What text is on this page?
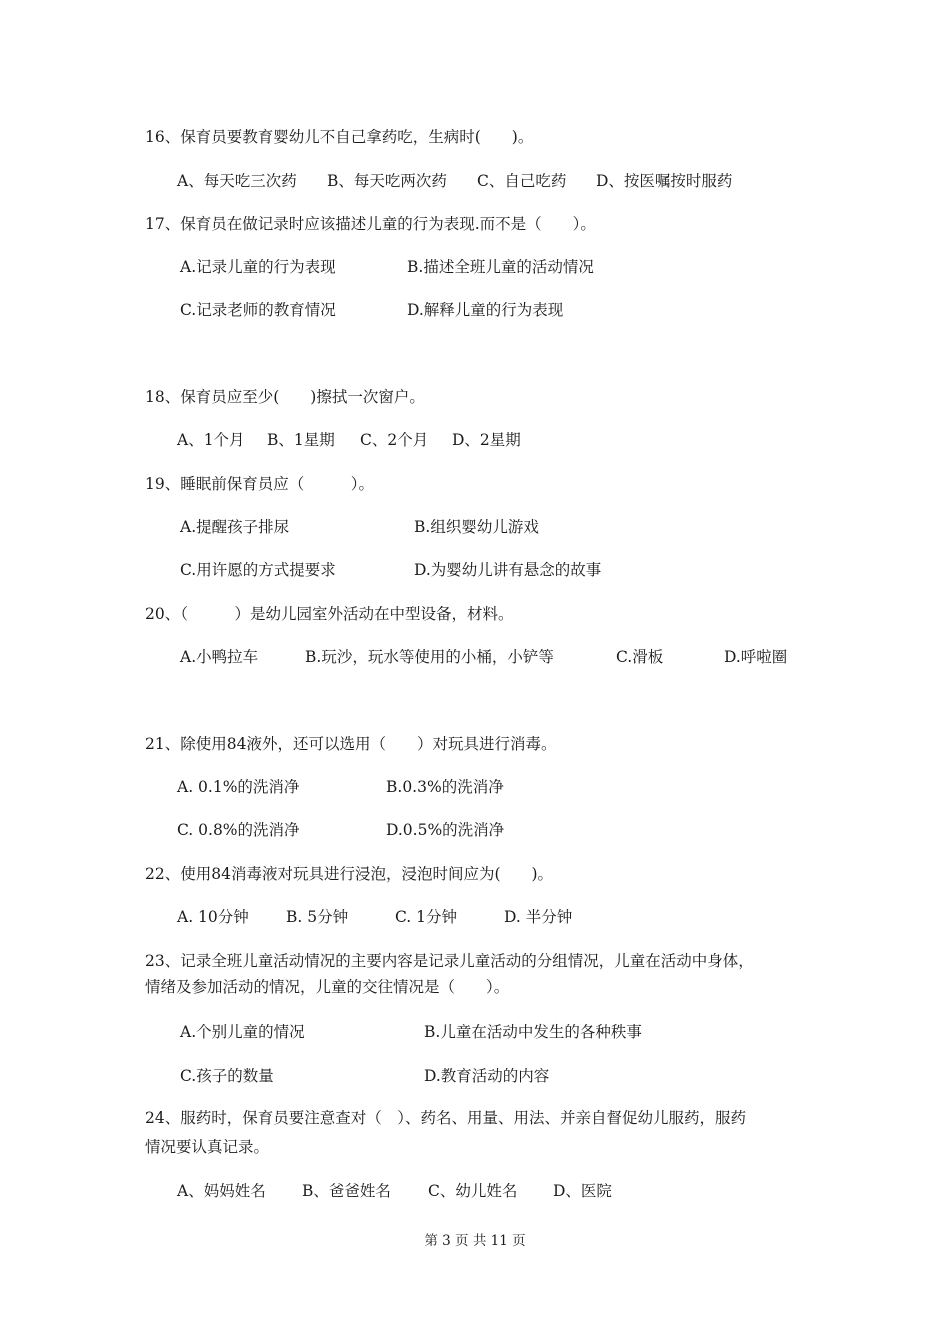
16、保育员要教育婴幼儿不自己拿药吃，生病时(　　)。
A、每天吃三次药 B、每天吃两次药 C、自己吃药 D、按医嘱按时服药
17、保育员在做记录时应该描述儿童的行为表现.而不是（　　）。
A.记录儿童的行为表现	B.描述全班儿童的活动情况
C.记录老师的教育情况	D.解释儿童的行为表现
18、保育员应至少(　　)擦拭一次窗户。
A、1个月 B、1星期 C、2个月 D、2星期
19、睡眠前保育员应（　　　）。
A.提醒孩子排尿	B.组织婴幼儿游戏
C.用许愿的方式提要求	D.为婴幼儿讲有悬念的故事
20、（　　　）是幼儿园室外活动在中型设备，材料。
A.小鸭拉车	B.玩沙，玩水等使用的小桶，小铲等	C.滑板	D.呼啦圈
21、除使用84液外，还可以选用（　　）对玩具进行消毒。
A. 0.1%的洗消净	B.0.3%的洗消净
C. 0.8%的洗消净	D.0.5%的洗消净
22、使用84消毒液对玩具进行浸泡，浸泡时间应为(　　)。
A. 10分钟 B. 5分钟	C. 1分钟	D. 半分钟
23、记录全班儿童活动情况的主要内容是记录儿童活动的分组情况，儿童在活动中身体，
情绪及参加活动的情况，儿童的交往情况是（　　）。
A.个别儿童的情况	B.儿童在活动中发生的各种秩事
C.孩子的数量	D.教育活动的内容
24、服药时，保育员要注意查对（　）、药名、用量、用法、并亲自督促幼儿服药，服药
情况要认真记录。
A、妈妈姓名 B、爸爸姓名 C、幼儿姓名 D、医院
第 3 页 共 11 页
